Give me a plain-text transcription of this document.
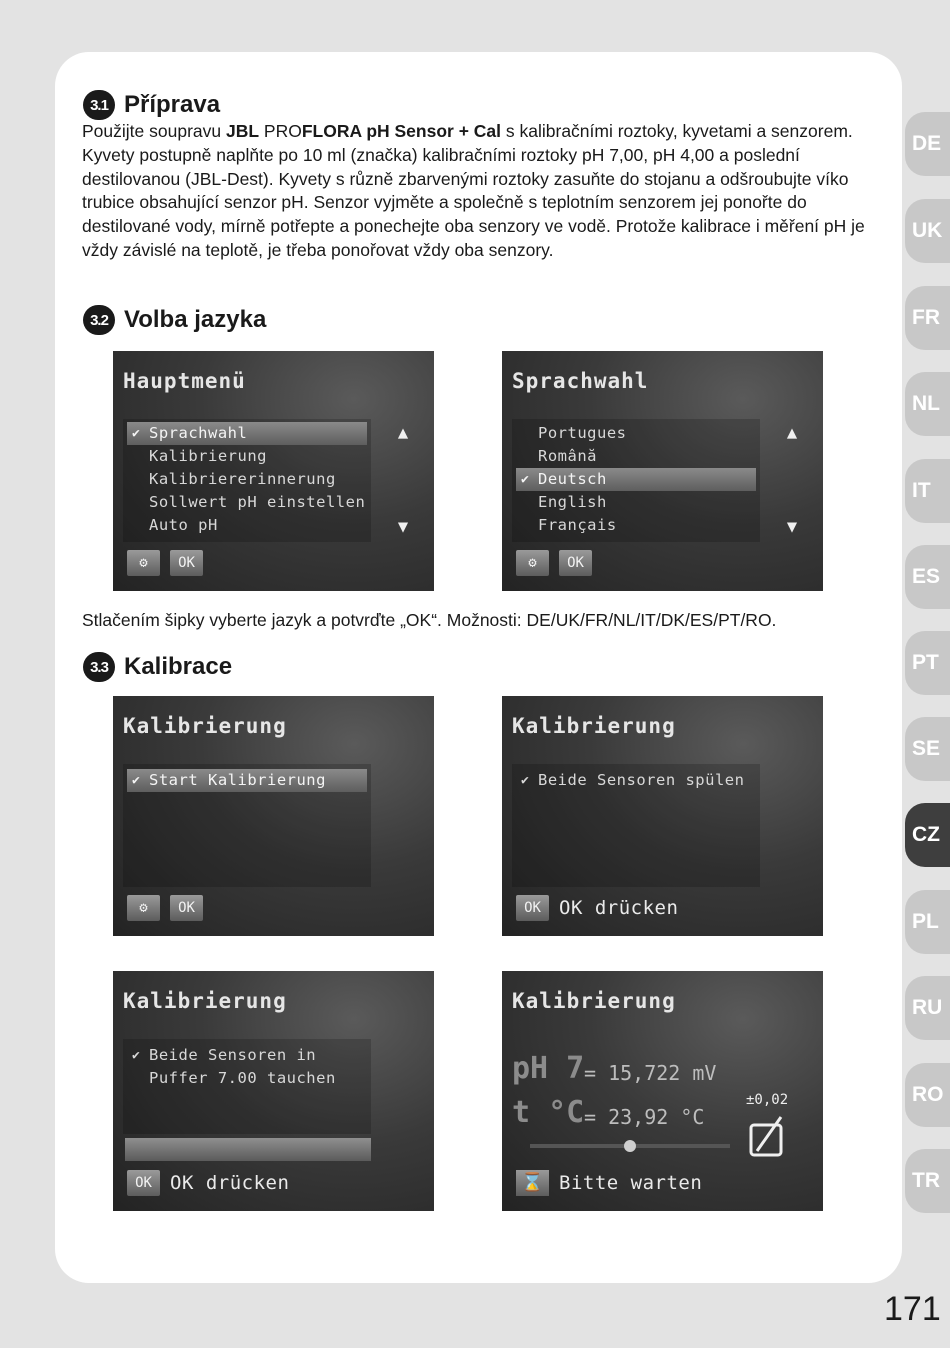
3.1 Příprava

Použijte soupravu JBL PROFLORA pH Sensor + Cal s kalibračními roztoky, kyvetami a senzorem. Kyvety postupně naplňte po 10 ml (značka) kalibračními roztoky pH 7,00, pH 4,00 a poslední destilovanou (JBL-Dest). Kyvety s různě zbarvenými roztoky zasuňte do stojanu a odšroubujte víko trubice obsahující senzor pH. Senzor vyjměte a společně s teplotním senzorem jej ponořte do destilované vody, mírně potřepte a ponechejte oba senzory ve vodě. Protože kalibrace i měření pH je vždy závislé na teplotě, je třeba ponořovat vždy oba senzory.

3.2 Volba jazyka
Hauptmenü
✔ Sprachwahl
Kalibrierung
Kalibriererinnerung
Sollwert pH einstellen
Auto pH
▲
▼
⚙	OK
Sprachwahl
Portugues
Română
✔ Deutsch
English
Français
▲
▼
⚙	OK

Stlačením šipky vyberte jazyk a potvrďte „OK“. Možnosti: DE/UK/FR/NL/IT/DK/ES/PT/RO.

3.3 Kalibrace
Kalibrierung
✔ Start Kalibrierung
⚙	OK
Kalibrierung
✔ Beide Sensoren spülen
OK OK drücken
Kalibrierung
✔ Beide Sensoren in
Puffer 7.00 tauchen
OK OK drücken
Kalibrierung
pH 7 = 15,722 mV
t °C = 23,92 °C
±0,02
⌛ Bitte warten
DE
UK
FR
NL
IT
ES
PT
SE
CZ
PL
RU
RO
TR
171
